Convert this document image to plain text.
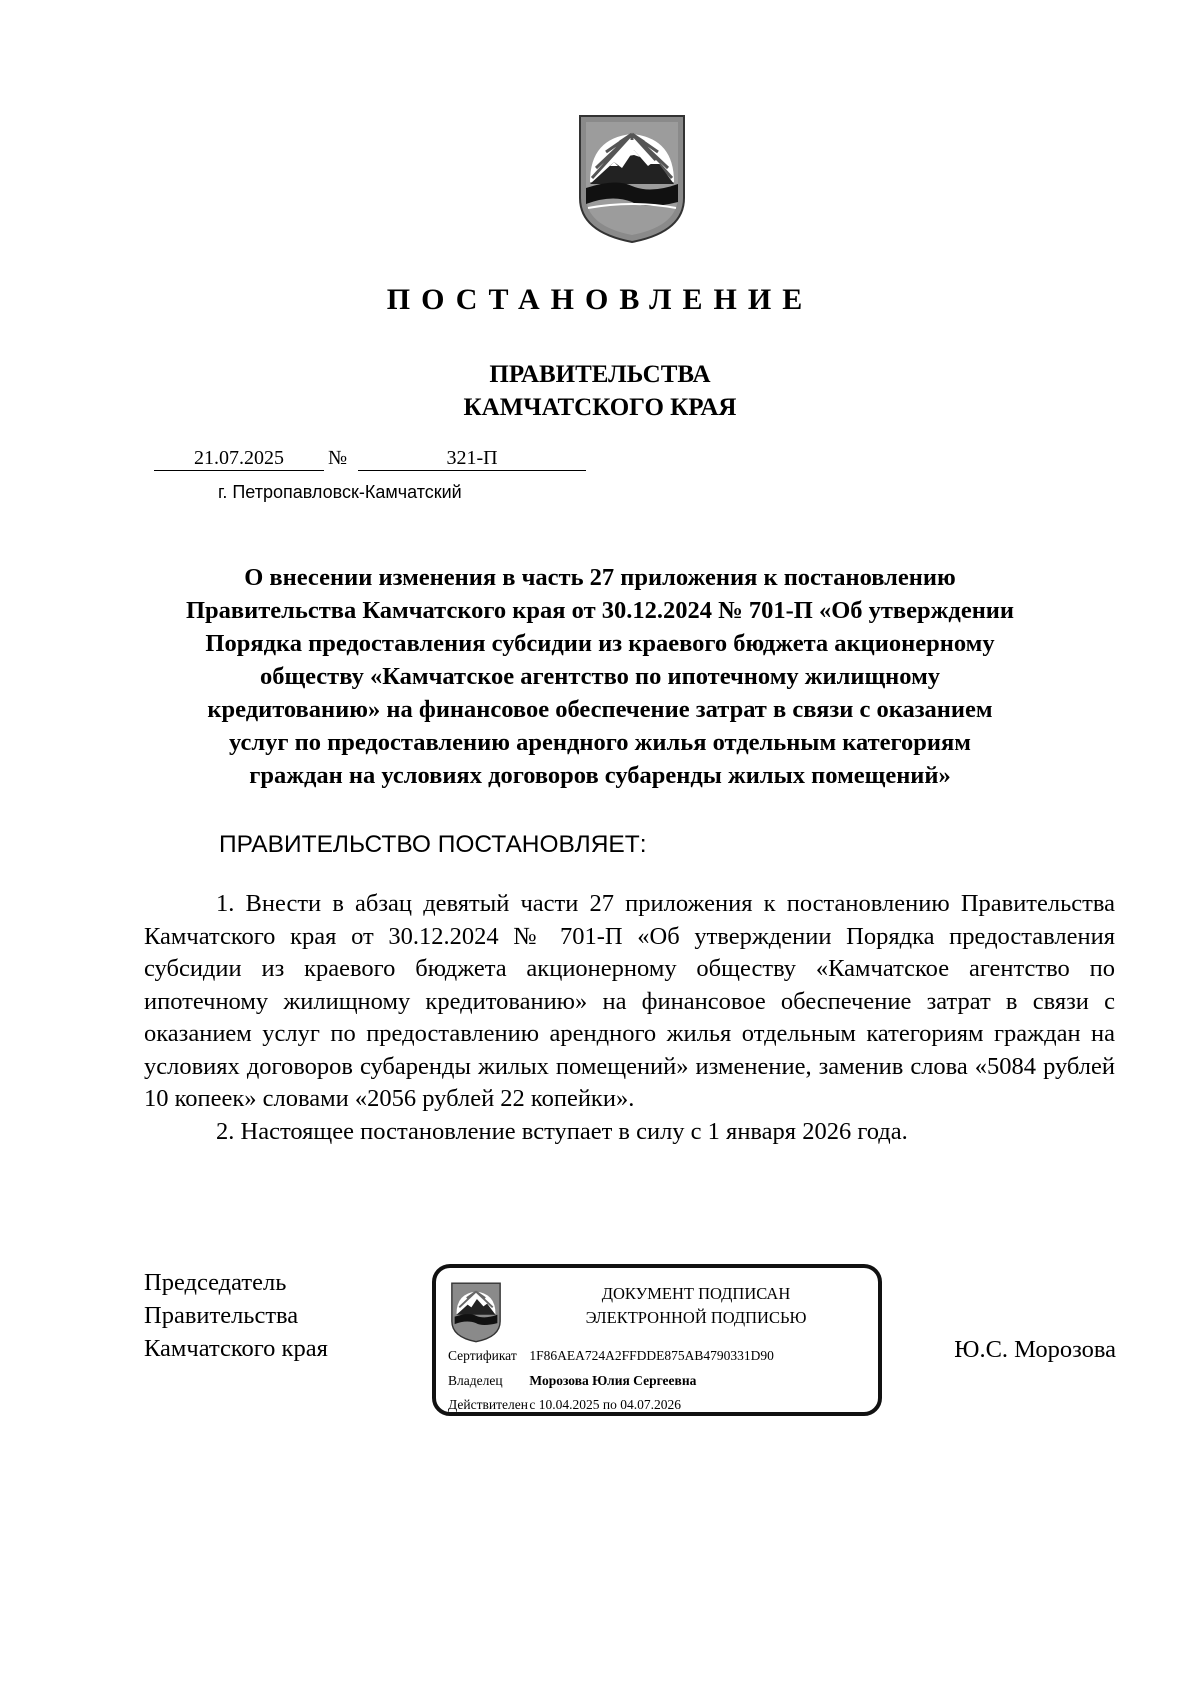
ПОСТАНОВЛЕНИЕ
ПРАВИТЕЛЬСТВА
КАМЧАТСКОГО КРАЯ
21.07.2025	№	321-П
г. Петропавловск-Камчатский
О внесении изменения в часть 27 приложения к постановлению
Правительства Камчатского края от 30.12.2024 № 701-П «Об утверждении
Порядка предоставления субсидии из краевого бюджета акционерному
обществу «Камчатское агентство по ипотечному жилищному
кредитованию» на финансовое обеспечение затрат в связи с оказанием
услуг по предоставлению арендного жилья отдельным категориям
граждан на условиях договоров субаренды жилых помещений»
ПРАВИТЕЛЬСТВО ПОСТАНОВЛЯЕТ:

1. Внести в абзац девятый части 27 приложения к постановлению Правительства Камчатского края от 30.12.2024 № 701-П «Об утверждении Порядка предоставления субсидии из краевого бюджета акционерному обществу «Камчатское агентство по ипотечному жилищному кредитованию» на финансовое обеспечение затрат в связи с оказанием услуг по предоставлению арендного жилья отдельным категориям граждан на условиях договоров субаренды жилых помещений» изменение, заменив слова «5084 рублей 10 копеек» словами «2056 рублей 22 копейки».

2. Настоящее постановление вступает в силу с 1 января 2026 года.

Председатель
Правительства
Камчатского края
ДОКУМЕНТ ПОДПИСАН
ЭЛЕКТРОННОЙ ПОДПИСЬЮ
Сертификат 1F86AEA724A2FFDDE875AB4790331D90
Владелец Морозова Юлия Сергеевна
Действителен с 10.04.2025 по 04.07.2026
Ю.С. Морозова
